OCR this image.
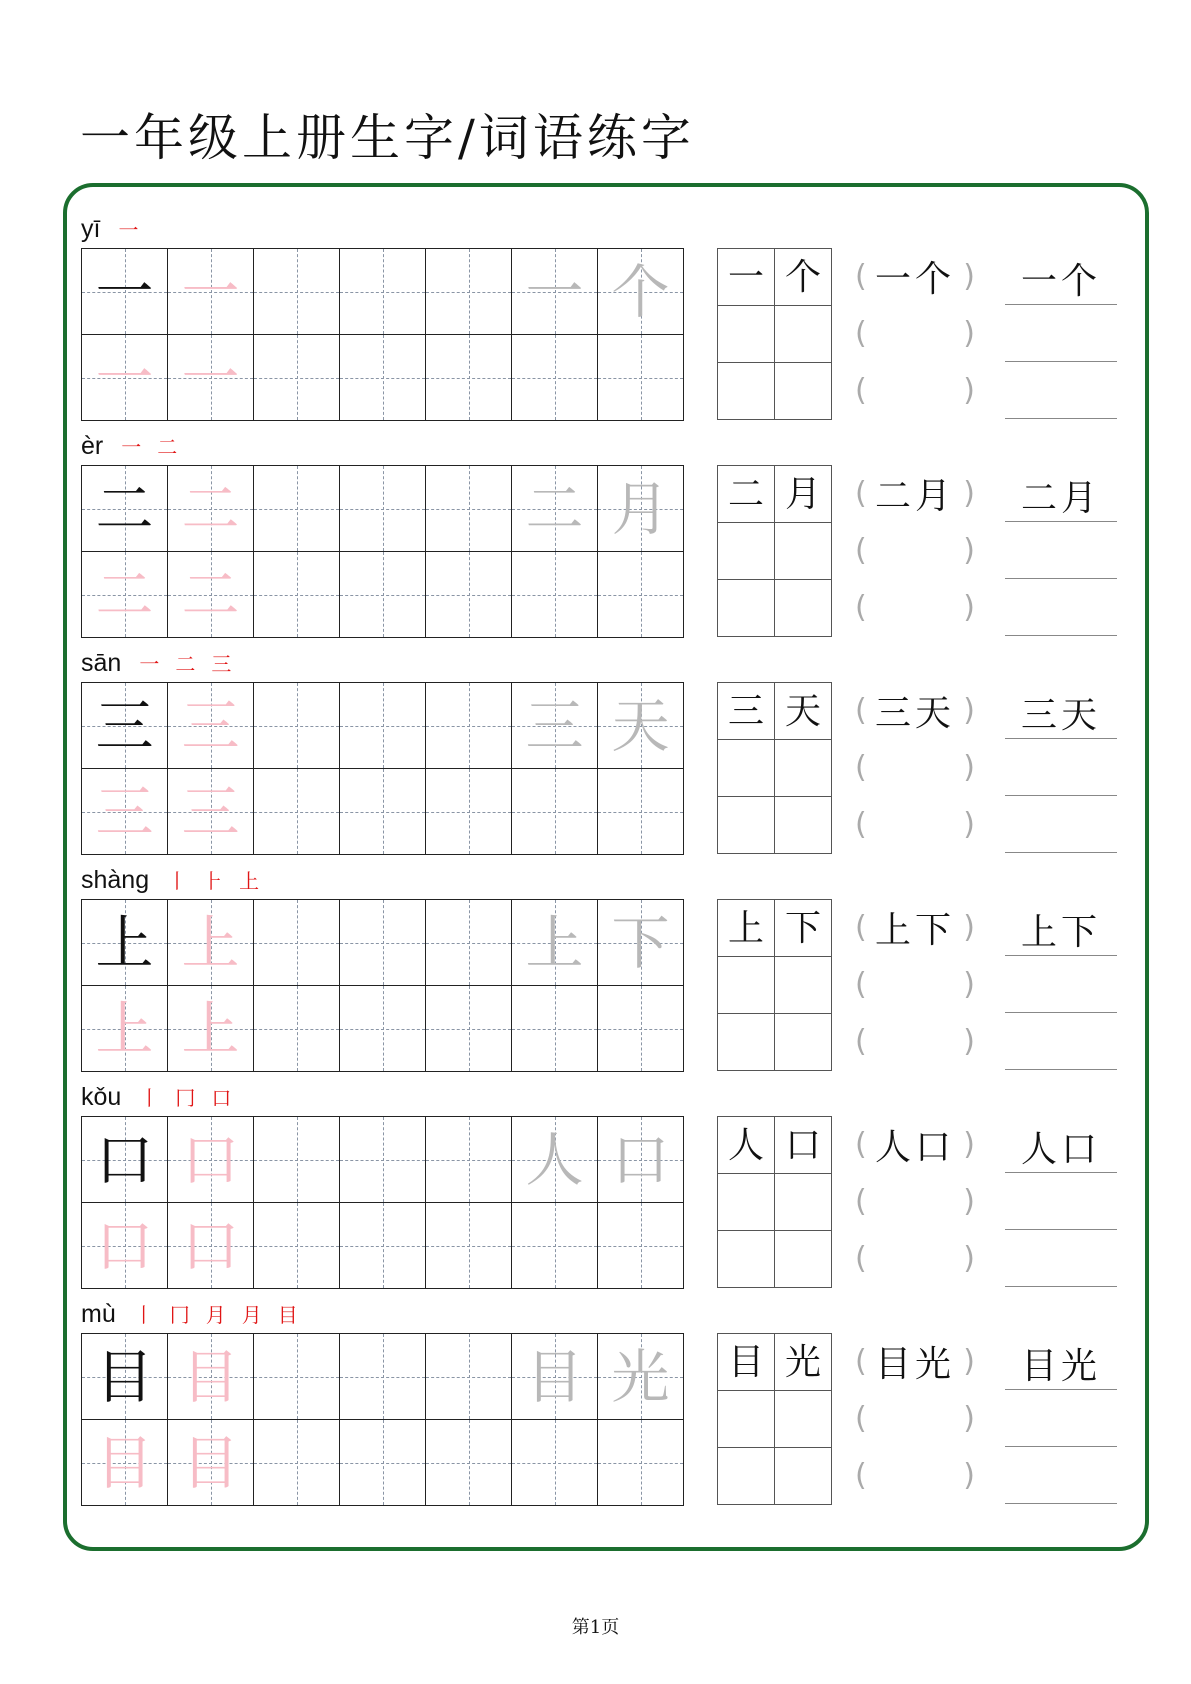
一年级上册生字/词语练字
yī 一
一 一	一 个
一 一
一 个	( 一个 )
(	)
(	)
一个
èr 一 二
二 二	二 月
二 二
二 月	( 二月 )
(	)
(	)
二月
sān 一 二 三
三 三	三 天
三 三
三 天	( 三天 )
(	)
(	)
三天
shàng 丨 ⺊ 上
上 上	上 下
上 上
上 下	( 上下 )
(	)
(	)
上下
kǒu 丨 冂 口
口 口	人 口
口 口
人 口	( 人口 )
(	)
(	)
人口
mù 丨 冂 月 月 目
目 目	目 光
目 目
目 光	( 目光 )
(	)
(	)
目光
第1页
